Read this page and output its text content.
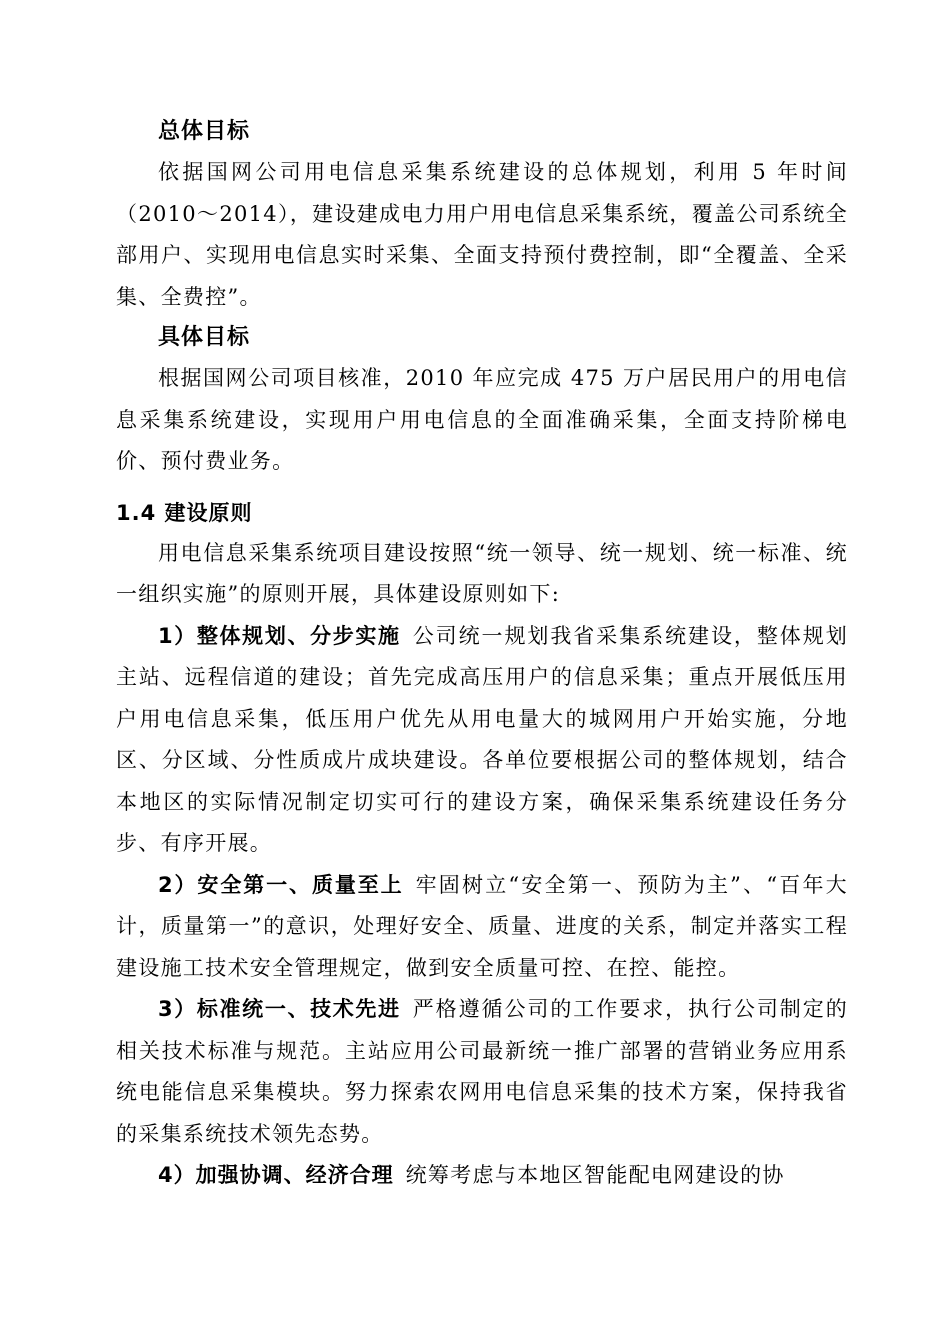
总体目标

依据国网公司用电信息采集系统建设的总体规划，利用 5 年时间（2010～2014），建设建成电力用户用电信息采集系统，覆盖公司系统全部用户、实现用电信息实时采集、全面支持预付费控制，即“全覆盖、全采集、全费控”。

具体目标

根据国网公司项目核准，2010 年应完成 475 万户居民用户的用电信息采集系统建设，实现用户用电信息的全面准确采集，全面支持阶梯电价、预付费业务。

1.4 建设原则

用电信息采集系统项目建设按照“统一领导、统一规划、统一标准、统一组织实施”的原则开展，具体建设原则如下:

1）整体规划、分步实施 公司统一规划我省采集系统建设，整体规划主站、远程信道的建设；首先完成高压用户的信息采集；重点开展低压用户用电信息采集，低压用户优先从用电量大的城网用户开始实施，分地区、分区域、分性质成片成块建设。各单位要根据公司的整体规划，结合本地区的实际情况制定切实可行的建设方案，确保采集系统建设任务分步、有序开展。

2）安全第一、质量至上 牢固树立“安全第一、预防为主”、“百年大计，质量第一”的意识，处理好安全、质量、进度的关系，制定并落实工程建设施工技术安全管理规定，做到安全质量可控、在控、能控。

3）标准统一、技术先进 严格遵循公司的工作要求，执行公司制定的相关技术标准与规范。主站应用公司最新统一推广部署的营销业务应用系统电能信息采集模块。努力探索农网用电信息采集的技术方案，保持我省的采集系统技术领先态势。

4）加强协调、经济合理 统筹考虑与本地区智能配电网建设的协
